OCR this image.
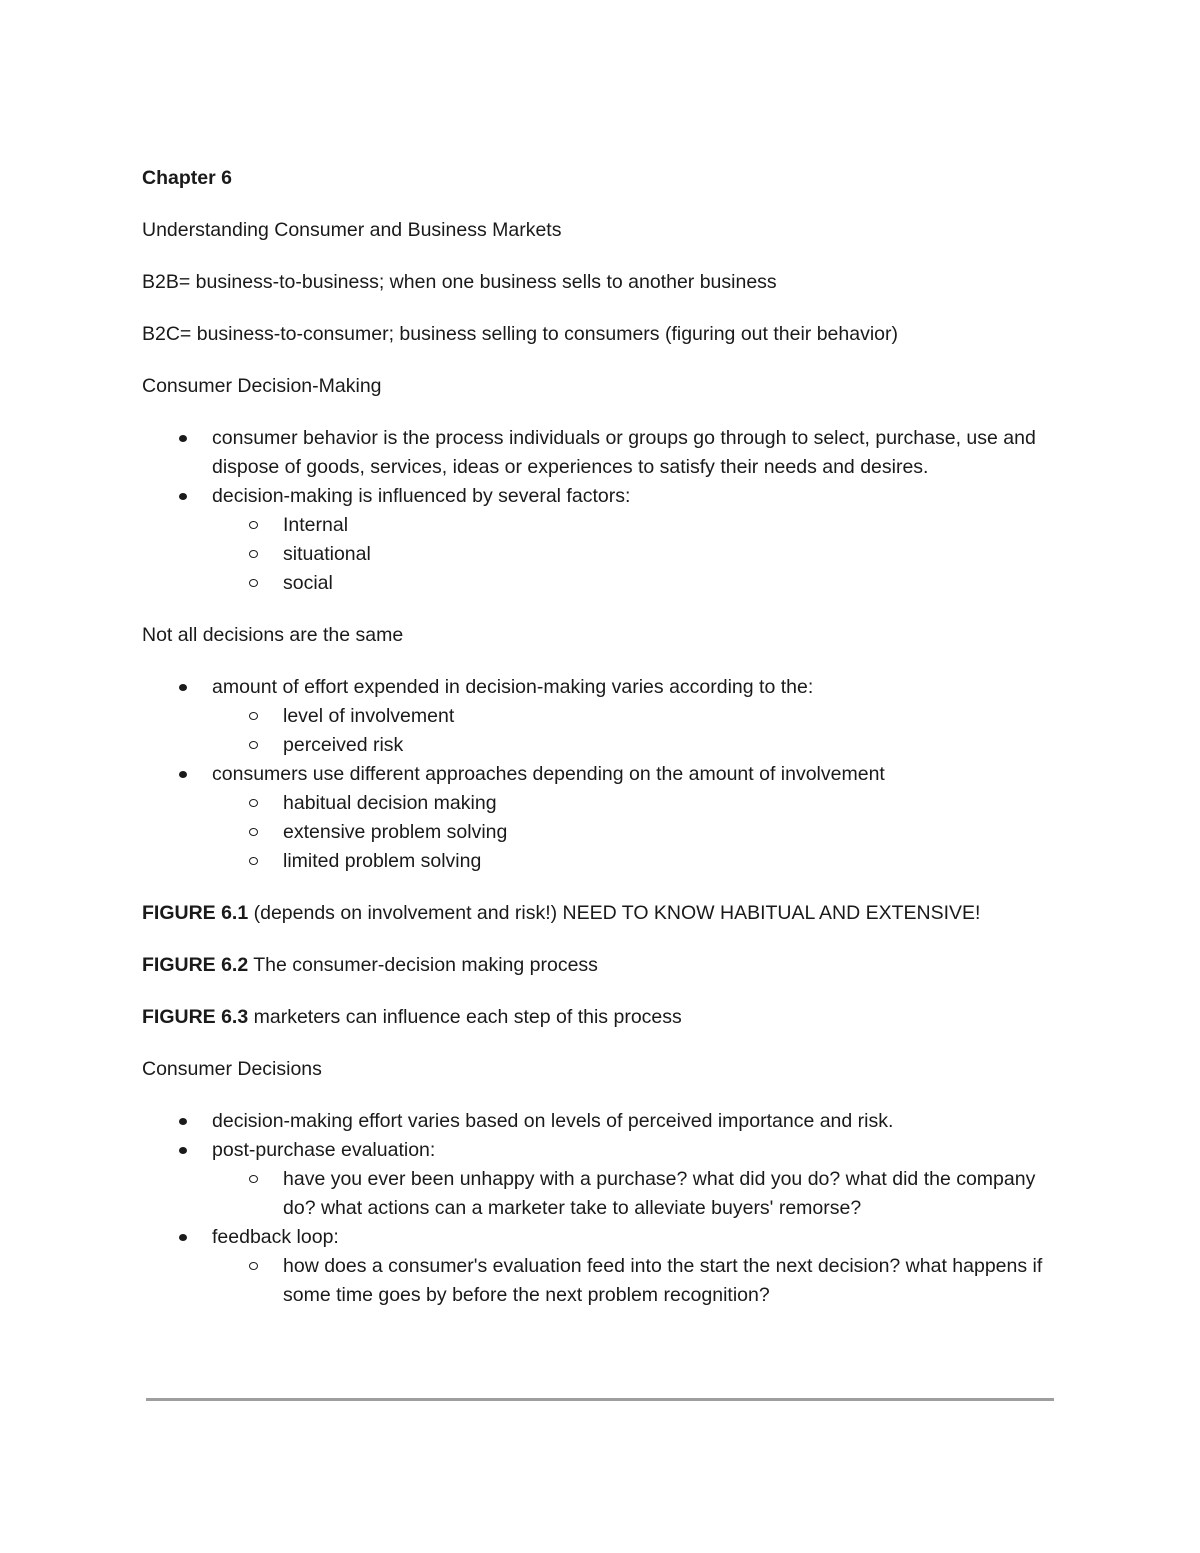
Chapter 6

Understanding Consumer and Business Markets

B2B= business-to-business; when one business sells to another business

B2C= business-to-consumer; business selling to consumers (figuring out their behavior)

Consumer Decision-Making

consumer behavior is the process individuals or groups go through to select, purchase, use and dispose of goods, services, ideas or experiences to satisfy their needs and desires.
decision-making is influenced by several factors:
Internal
situational
social

Not all decisions are the same

amount of effort expended in decision-making varies according to the:
level of involvement
perceived risk
consumers use different approaches depending on the amount of involvement
habitual decision making
extensive problem solving
limited problem solving

FIGURE 6.1 (depends on involvement and risk!) NEED TO KNOW HABITUAL AND EXTENSIVE!

FIGURE 6.2 The consumer-decision making process

FIGURE 6.3 marketers can influence each step of this process

Consumer Decisions

decision-making effort varies based on levels of perceived importance and risk.
post-purchase evaluation:
have you ever been unhappy with a purchase? what did you do? what did the company do? what actions can a marketer take to alleviate buyers' remorse?
feedback loop:
how does a consumer's evaluation feed into the start the next decision? what happens if some time goes by before the next problem recognition?
